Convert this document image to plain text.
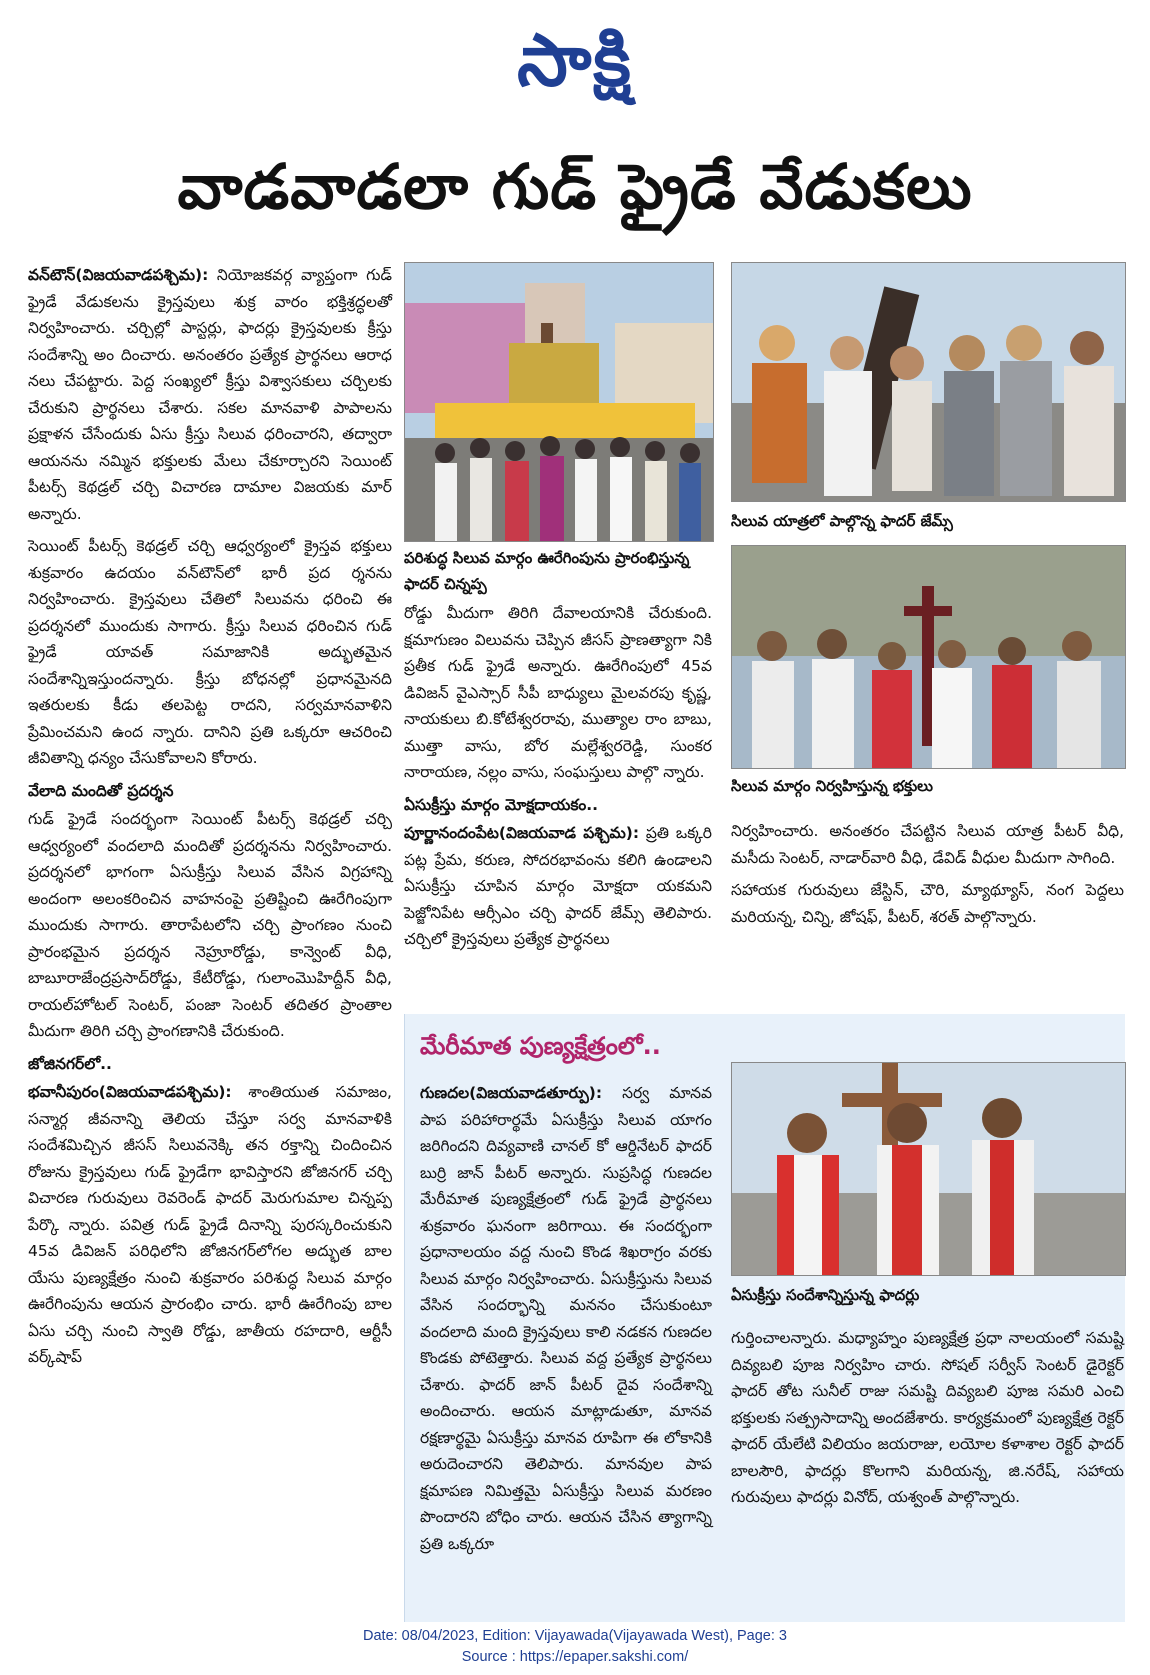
సాక్షి
వాడవాడలా గుడ్ ఫ్రైడే వేడుకలు

వన్‌టౌన్(విజయవాడపశ్చిమ): నియోజకవర్గ వ్యాప్తంగా గుడ్ ఫ్రైడే వేడుకలను క్రైస్తవులు శుక్ర వారం భక్తిశ్రద్ధలతో నిర్వహించారు. చర్చిల్లో పాస్టర్లు, ఫాదర్లు క్రైస్తవులకు క్రీస్తు సందేశాన్ని అం దించారు. అనంతరం ప్రత్యేక ప్రార్థనలు ఆరాధ నలు చేపట్టారు. పెద్ద సంఖ్యలో క్రీస్తు విశ్వాసకులు చర్చిలకు చేరుకుని ప్రార్థనలు చేశారు. సకల మానవాళి పాపాలను ప్రక్షాళన చేసేందుకు ఏసు క్రీస్తు సిలువ ధరించారని, తద్వారా ఆయనను నమ్మిన భక్తులకు మేలు చేకూర్చారని సెయింట్ పీటర్స్ కెథడ్రల్ చర్చి విచారణ దామాల విజయకు మార్ అన్నారు.

సెయింట్ పీటర్స్ కెథడ్రల్ చర్చి ఆధ్వర్యంలో క్రైస్తవ భక్తులు శుక్రవారం ఉదయం వన్‌టౌన్‌లో భారీ ప్రద ర్శనను నిర్వహించారు. క్రైస్తవులు చేతిలో సిలువను ధరించి ఈ ప్రదర్శనలో ముందుకు సాగారు. క్రీస్తు సిలువ ధరించిన గుడ్ ఫ్రైడే యావత్ సమాజానికి అద్భుతమైన సందేశాన్నిఇస్తుందన్నారు. క్రీస్తు బోధనల్లో ప్రధానమైనది ఇతరులకు కీడు తలపెట్ట రాదని, సర్వమానవాళిని ప్రేమించమని ఉంద న్నారు. దానిని ప్రతి ఒక్కరూ ఆచరించి జీవితాన్ని ధన్యం చేసుకోవాలని కోరారు.

వేలాది మందితో ప్రదర్శన

గుడ్ ఫ్రైడే సందర్భంగా సెయింట్ పీటర్స్ కెథడ్రల్ చర్చి ఆధ్వర్యంలో వందలాది మందితో ప్రదర్శనను నిర్వహించారు. ప్రదర్శనలో భాగంగా ఏసుక్రీస్తు సిలువ వేసిన విగ్రహాన్ని అందంగా అలంకరించిన వాహనంపై ప్రతిష్టించి ఊరేగింపుగా ముందుకు సాగారు. తారాపేటలోని చర్చి ప్రాంగణం నుంచి ప్రారంభమైన ప్రదర్శన నెహ్రూరోడ్డు, కాన్వెంట్ వీధి, బాబూరాజేంద్రప్రసాద్‌రోడ్డు, కేటీరోడ్డు, గులాంమొహిద్దీన్ వీధి, రాయల్‌హోటల్ సెంటర్, పంజా సెంటర్ తదితర ప్రాంతాల మీదుగా తిరిగి చర్చి ప్రాంగణానికి చేరుకుంది.

జోజినగర్‌లో..

భవానీపురం(విజయవాడపశ్చిమ): శాంతియుత సమాజం, సన్మార్గ జీవనాన్ని తెలియ చేస్తూ సర్వ మానవాళికి సందేశమిచ్చిన జీసస్ సిలువనెక్కి తన రక్తాన్ని చిందించిన రోజును క్రైస్తవులు గుడ్ ఫ్రైడేగా భావిస్తారని జోజినగర్ చర్చి విచారణ గురువులు రెవరెండ్ ఫాదర్ మెరుగుమాల చిన్నప్ప పేర్కొ న్నారు. పవిత్ర గుడ్ ఫ్రైడే దినాన్ని పురస్కరించుకుని 45వ డివిజన్ పరిధిలోని జోజినగర్‌లోగల అద్భుత బాల యేసు పుణ్యక్షేత్రం నుంచి శుక్రవారం పరిశుద్ధ సిలువ మార్గం ఊరేగింపును ఆయన ప్రారంభిం చారు. భారీ ఊరేగింపు బాల ఏసు చర్చి నుంచి స్వాతి రోడ్డు, జాతీయ రహదారి, ఆర్టీసీ వర్క్‌షాప్

పరిశుద్ధ సిలువ మార్గం ఊరేగింపును ప్రారంభిస్తున్న ఫాదర్ చిన్నప్ప
సిలువ యాత్రలో పాల్గొన్న ఫాదర్ జేమ్స్
సిలువ మార్గం నిర్వహిస్తున్న భక్తులు

రోడ్డు మీదుగా తిరిగి దేవాలయానికి చేరుకుంది. క్షమాగుణం విలువను చెప్పిన జీసస్ ప్రాణత్యాగా నికి ప్రతీక గుడ్ ఫ్రైడే అన్నారు. ఊరేగింపులో 45వ డివిజన్ వైఎస్సార్ సీపీ బాధ్యులు మైలవరపు కృష్ణ, నాయకులు బి.కోటేశ్వరరావు, ముత్యాల రాం బాబు, ముత్తా వాసు, బోర మల్లేశ్వరరెడ్డి, సుంకర నారాయణ, నల్లం వాసు, సంఘస్తులు పాల్గొ న్నారు.

ఏసుక్రీస్తు మార్గం మోక్షదాయకం..

పూర్ణానందంపేట(విజయవాడ పశ్చిమ): ప్రతి ఒక్కరి పట్ల ప్రేమ, కరుణ, సోదరభావంను కలిగి ఉండాలని ఏసుక్రీస్తు చూపిన మార్గం మోక్షదా యకమని పెజ్జోనిపేట ఆర్సీఎం చర్చి ఫాదర్ జేమ్స్ తెలిపారు. చర్చిలో క్రైస్తవులు ప్రత్యేక ప్రార్థనలు

నిర్వహించారు. అనంతరం చేపట్టిన సిలువ యాత్ర పీటర్ వీధి, మసీదు సెంటర్, నాడార్‌వారి వీధి, డేవిడ్ వీధుల మీదుగా సాగింది.

సహాయక గురువులు జేస్టిన్, చౌరి, మ్యాథ్యూస్, నంగ పెద్దలు మరియన్న, చిన్ని, జోషఫ్, పీటర్, శరత్ పాల్గొన్నారు.

మేరీమాత పుణ్యక్షేత్రంలో..
ఏసుక్రీస్తు సందేశాన్నిస్తున్న ఫాదర్లు

గుణదల(విజయవాడతూర్పు): సర్వ మానవ పాప పరిహారార్థమే ఏసుక్రీస్తు సిలువ యాగం జరిగిందని దివ్యవాణి చానల్ కో ఆర్డినేటర్ ఫాదర్ బుర్రి జాన్ పీటర్ అన్నారు. సుప్రసిద్ధ గుణదల మేరీమాత పుణ్యక్షేత్రంలో గుడ్ ఫ్రైడే ప్రార్థనలు శుక్రవారం ఘనంగా జరిగాయి. ఈ సందర్భంగా ప్రధానాలయం వద్ద నుంచి కొండ శిఖరాగ్రం వరకు సిలువ మార్గం నిర్వహించారు. ఏసుక్రీస్తును సిలువ వేసిన సందర్భాన్ని మననం చేసుకుంటూ వందలాది మంది క్రైస్తవులు కాలి నడకన గుణదల కొండకు పోటెత్తారు. సిలువ వద్ద ప్రత్యేక ప్రార్థనలు చేశారు. ఫాదర్ జాన్ పీటర్ దైవ సందేశాన్ని అందించారు. ఆయన మాట్లాడుతూ, మానవ రక్షణార్థమై ఏసుక్రీస్తు మానవ రూపిగా ఈ లోకానికి అరుదెంచారని తెలిపారు. మానవుల పాప క్షమాపణ నిమిత్తమై ఏసుక్రీస్తు సిలువ మరణం పొందారని బోధిం చారు. ఆయన చేసిన త్యాగాన్ని ప్రతి ఒక్కరూ

గుర్తించాలన్నారు. మధ్యాహ్నం పుణ్యక్షేత్ర ప్రధా నాలయంలో సమష్టి దివ్యబలి పూజ నిర్వహిం చారు. సోషల్ సర్వీస్ సెంటర్ డైరెక్టర్ ఫాదర్ తోట సునీల్ రాజు సమష్టి దివ్యబలి పూజ సమరి ఎంచి భక్తులకు సత్ప్రసాదాన్ని అందజేశారు. కార్యక్రమంలో పుణ్యక్షేత్ర రెక్టర్ ఫాదర్ యేలేటి విలియం జయరాజు, లయోల కళాశాల రెక్టర్ ఫాదర్ బాలసౌరి, ఫాదర్లు కొలగాని మరియన్న, జి.నరేష్, సహాయ గురువులు ఫాదర్లు వినోద్, యశ్వంత్ పాల్గొన్నారు.

Date: 08/04/2023, Edition: Vijayawada(Vijayawada West), Page: 3
Source : https://epaper.sakshi.com/
